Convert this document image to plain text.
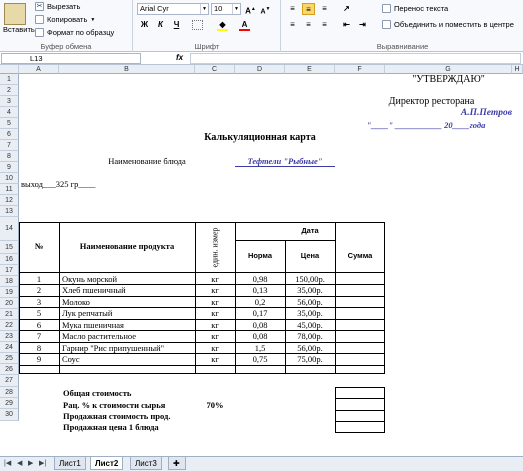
Вставить
✂ Вырезать
Копировать ▼
Формат по образцу
Буфер обмена
Arial Cyr	▼ 10	▼ A▲ A▼
Ж	К	Ч	◆	A
Шрифт
≡	≡	≡	↗
≡	≡	≡	⇤	⇥
Перенос текста
Объединить и поместить в центре
Выравнивание
L13	fx
A	B	C	D	E	F	G	H
1
2
3
4
5
6
7
8
9
10
11
12
13
14
15
16
17
18
19
20
21
22
23
24
25
26
27
28
29
30
"УТВЕРЖДАЮ"
Директор ресторана
А.П.Петров
"____" ___________ 20____года
Калькуляционная карта
Наименование блюда	Тефтели "Рыбные"
выход___325 гр____
№	Наименование продукта	един. измер	Дата
Норма	Цена	Сумма
1	Окунь морской	кг	0,98	150,00р.
2	Хлеб пшеничный	кг	0,13	35,00р.
3	Молоко	кг	0,2	56,00р.
5	Лук репчатый	кг	0,17	35,00р.
6	Мука пшеничная	кг	0,08	45,00р.
7	Масло растительное	кг	0,08	78,00р.
8	Гарнир "Рис припушенный"	кг	1,5	56,00р.
9	Соус	кг	0,75	75,00р.
Общая стоимость
Рац. % к стоимости сырья	70%
Продажная стоимость прод.
Продажная цена 1 блюда
|◀ ◀ ▶ ▶|	Лист1	Лист2	Лист3	✚
